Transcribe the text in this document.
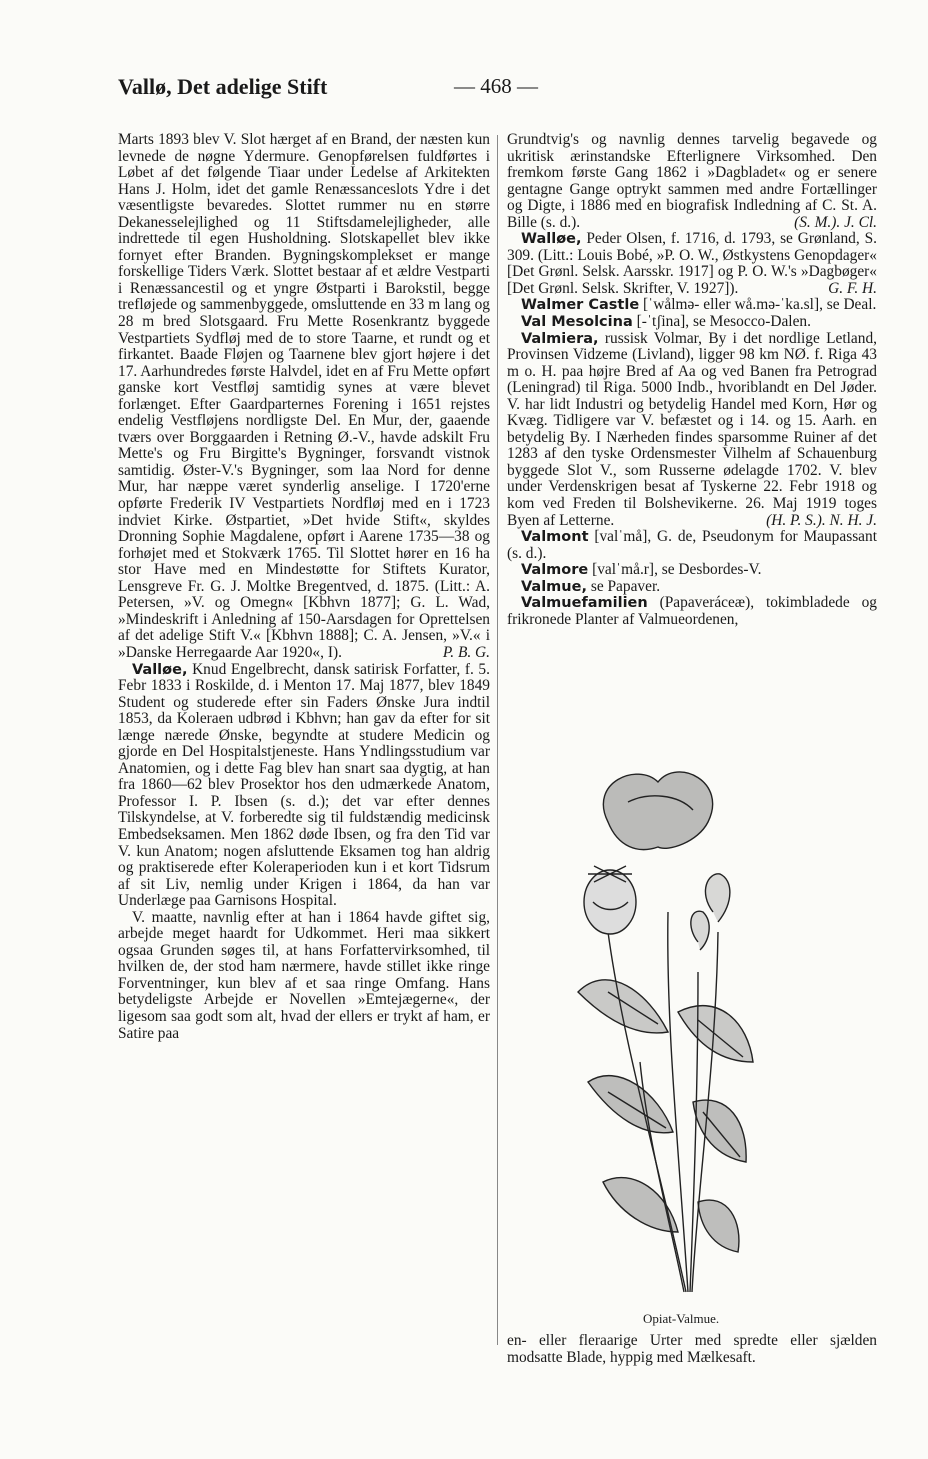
Vallø, Det adelige Stift	— 468 —

Marts 1893 blev V. Slot hærget af en Brand, der næsten kun levnede de nøgne Ydermure. Genopførelsen fuldførtes i Løbet af det følgende Tiaar under Ledelse af Arkitekten Hans J. Holm, idet det gamle Renæssanceslots Ydre i det væsentligste bevaredes. Slottet rummer nu en større Dekanesselejlighed og 11 Stiftsdamelejligheder, alle indrettede til egen Husholdning. Slotskapellet blev ikke fornyet efter Branden. Bygningskomplekset er mange forskellige Tiders Værk. Slottet bestaar af et ældre Vestparti i Renæssancestil og et yngre Østparti i Barokstil, begge trefløjede og sammenbyggede, omsluttende en 33 m lang og 28 m bred Slotsgaard. Fru Mette Rosenkrantz byggede Vestpartiets Sydfløj med de to store Taarne, et rundt og et firkantet. Baade Fløjen og Taarnene blev gjort højere i det 17. Aarhundredes første Halvdel, idet en af Fru Mette opført ganske kort Vestfløj samtidig synes at være blevet forlænget. Efter Gaardparternes Forening i 1651 rejstes endelig Vestfløjens nordligste Del. En Mur, der, gaaende tværs over Borggaarden i Retning Ø.-V., havde adskilt Fru Mette's og Fru Birgitte's Bygninger, forsvandt vistnok samtidig. Øster-V.'s Bygninger, som laa Nord for denne Mur, har næppe været synderlig anselige. I 1720'erne opførte Frederik IV Vestpartiets Nordfløj med en i 1723 indviet Kirke. Østpartiet, »Det hvide Stift«, skyldes Dronning Sophie Magdalene, opført i Aarene 1735—38 og forhøjet med et Stokværk 1765. Til Slottet hører en 16 ha stor Have med en Mindestøtte for Stiftets Kurator, Lensgreve Fr. G. J. Moltke Bregentved, d. 1875. (Litt.: A. Petersen, »V. og Omegn« [Kbhvn 1877]; G. L. Wad, »Mindeskrift i Anledning af 150-Aarsdagen for Oprettelsen af det adelige Stift V.« [Kbhvn 1888]; C. A. Jensen, »V.« i »Danske Herregaarde Aar 1920«, I).	P. B. G.

Valløe, Knud Engelbrecht, dansk satirisk Forfatter, f. 5. Febr 1833 i Roskilde, d. i Menton 17. Maj 1877, blev 1849 Student og studerede efter sin Faders Ønske Jura indtil 1853, da Koleraen udbrød i Kbhvn; han gav da efter for sit længe nærede Ønske, begyndte at studere Medicin og gjorde en Del Hospitalstjeneste. Hans Yndlingsstudium var Anatomien, og i dette Fag blev han snart saa dygtig, at han fra 1860—62 blev Prosektor hos den udmærkede Anatom, Professor I. P. Ibsen (s. d.); det var efter dennes Tilskyndelse, at V. forberedte sig til fuldstændig medicinsk Embedseksamen. Men 1862 døde Ibsen, og fra den Tid var V. kun Anatom; nogen afsluttende Eksamen tog han aldrig og praktiserede efter Koleraperioden kun i et kort Tidsrum af sit Liv, nemlig under Krigen i 1864, da han var Underlæge paa Garnisons Hospital.

V. maatte, navnlig efter at han i 1864 havde giftet sig, arbejde meget haardt for Udkommet. Heri maa sikkert ogsaa Grunden søges til, at hans Forfattervirksomhed, til hvilken de, der stod ham nærmere, havde stillet ikke ringe Forventninger, kun blev af et saa ringe Omfang. Hans betydeligste Arbejde er Novellen »Emtejægerne«, der ligesom saa godt som alt, hvad der ellers er trykt af ham, er Satire paa

Grundtvig's og navnlig dennes tarvelig begavede og ukritisk ærinstandske Efterlignere Virksomhed. Den fremkom første Gang 1862 i »Dagbladet« og er senere gentagne Gange optrykt sammen med andre Fortællinger og Digte, i 1886 med en biografisk Indledning af C. St. A. Bille (s. d.).	(S. M.). J. Cl.

Walløe, Peder Olsen, f. 1716, d. 1793, se Grønland, S. 309. (Litt.: Louis Bobé, »P. O. W., Østkystens Genopdager« [Det Grønl. Selsk. Aarsskr. 1917] og P. O. W.'s »Dagbøger« [Det Grønl. Selsk. Skrifter, V. 1927]).	G. F. H.

Walmer Castle [ˈwålmə- eller wå.mə-ˈka.sl], se Deal.

Val Mesolcina [-ˈtʃina], se Mesocco-Dalen.

Valmiera, russisk Volmar, By i det nordlige Letland, Provinsen Vidzeme (Livland), ligger 98 km NØ. f. Riga 43 m o. H. paa højre Bred af Aa og ved Banen fra Petrograd (Leningrad) til Riga. 5000 Indb., hvoriblandt en Del Jøder. V. har lidt Industri og betydelig Handel med Korn, Hør og Kvæg. Tidligere var V. befæstet og i 14. og 15. Aarh. en betydelig By. I Nærheden findes sparsomme Ruiner af det 1283 af den tyske Ordensmester Vilhelm af Schauenburg byggede Slot V., som Russerne ødelagde 1702. V. blev under Verdenskrigen besat af Tyskerne 22. Febr 1918 og kom ved Freden til Bolshevikerne. 26. Maj 1919 toges Byen af Letterne.	(H. P. S.). N. H. J.

Valmont [valˈmå], G. de, Pseudonym for Maupassant (s. d.).

Valmore [valˈmå.r], se Desbordes-V.

Valmue, se Papaver.

Valmuefamilien (Papaveráceæ), tokimbladede og frikronede Planter af Valmueordenen,

Opiat-Valmue.

en- eller fleraarige Urter med spredte eller sjælden modsatte Blade, hyppig med Mælkesaft.
